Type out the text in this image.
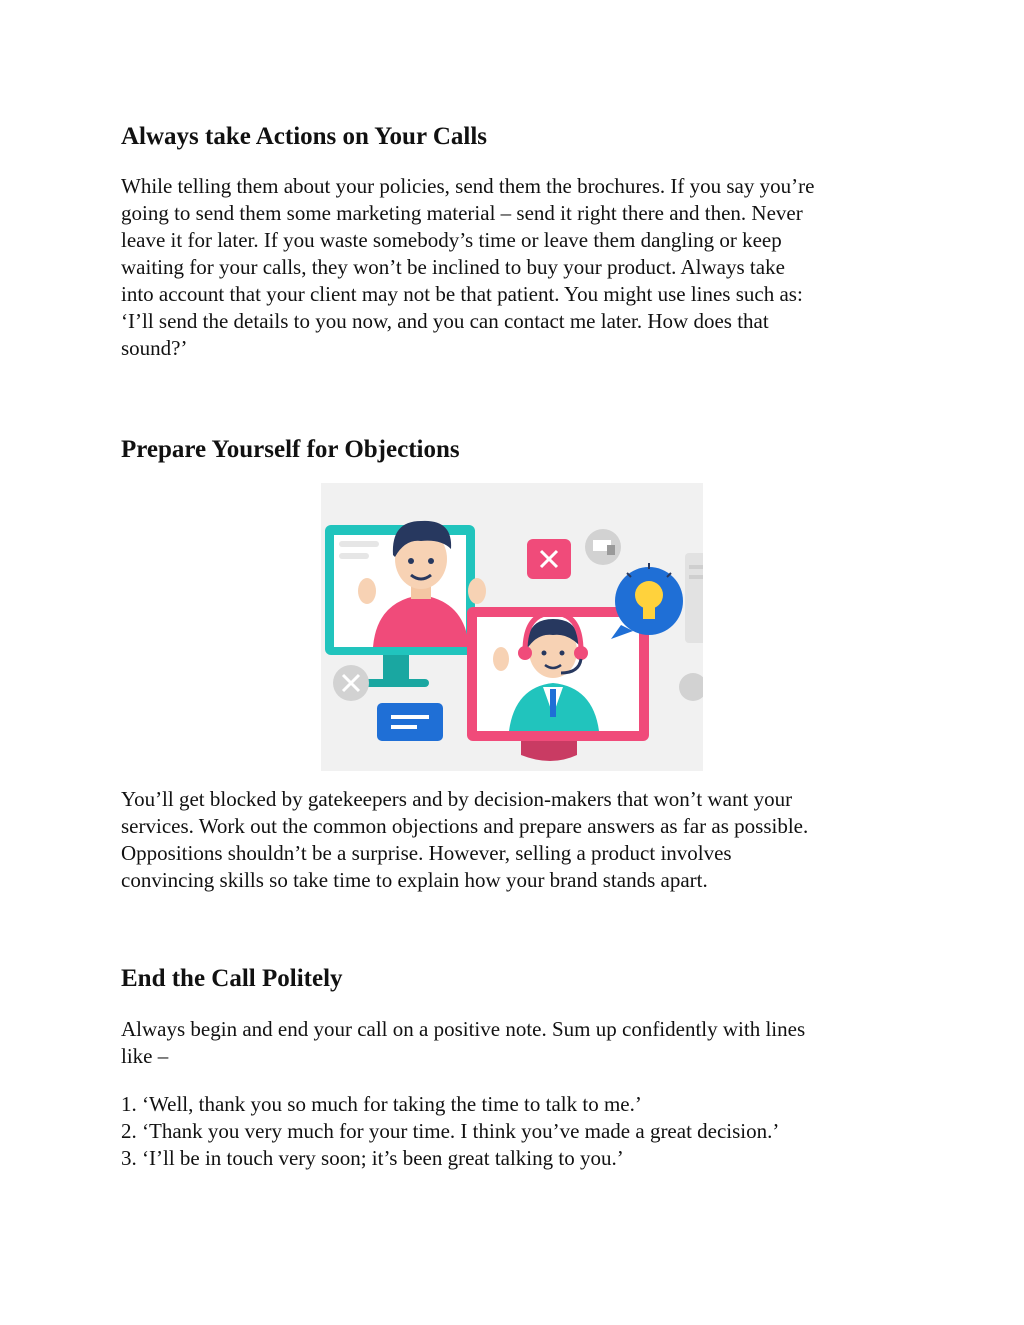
Always take Actions on Your Calls
While telling them about your policies, send them the brochures. If you say you’re
going to send them some marketing material – send it right there and then. Never
leave it for later. If you waste somebody’s time or leave them dangling or keep
waiting for your calls, they won’t be inclined to buy your product. Always take
into account that your client may not be that patient. You might use lines such as:
‘I’ll send the details to you now, and you can contact me later. How does that
sound?’
Prepare Yourself for Objections
You’ll get blocked by gatekeepers and by decision-makers that won’t want your
services. Work out the common objections and prepare answers as far as possible.
Oppositions shouldn’t be a surprise. However, selling a product involves
convincing skills so take time to explain how your brand stands apart.
End the Call Politely
Always begin and end your call on a positive note. Sum up confidently with lines
like –
1. ‘Well, thank you so much for taking the time to talk to me.’
2. ‘Thank you very much for your time. I think you’ve made a great decision.’
3. ‘I’ll be in touch very soon; it’s been great talking to you.’
